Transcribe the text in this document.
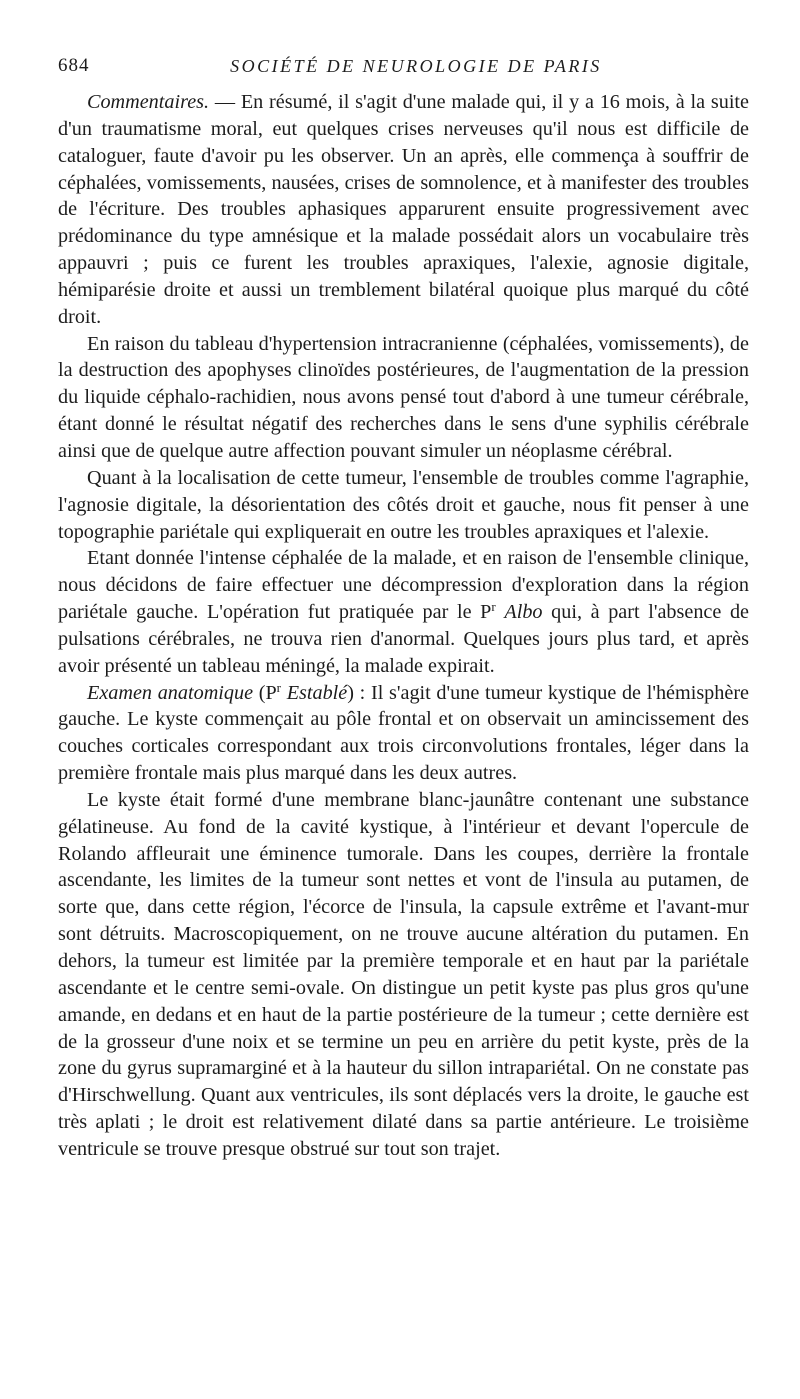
684	SOCIÉTÉ DE NEUROLOGIE DE PARIS

Commentaires. — En résumé, il s'agit d'une malade qui, il y a 16 mois, à la suite d'un traumatisme moral, eut quelques crises nerveuses qu'il nous est difficile de cataloguer, faute d'avoir pu les observer. Un an après, elle commença à souffrir de céphalées, vomissements, nausées, crises de somnolence, et à manifester des troubles de l'écriture. Des troubles aphasiques apparurent ensuite progressivement avec prédominance du type amnésique et la malade possédait alors un vocabulaire très appauvri ; puis ce furent les troubles apraxiques, l'alexie, agnosie digitale, hémiparésie droite et aussi un tremblement bilatéral quoique plus marqué du côté droit.

En raison du tableau d'hypertension intracranienne (céphalées, vomissements), de la destruction des apophyses clinoïdes postérieures, de l'augmentation de la pression du liquide céphalo-rachidien, nous avons pensé tout d'abord à une tumeur cérébrale, étant donné le résultat négatif des recherches dans le sens d'une syphilis cérébrale ainsi que de quelque autre affection pouvant simuler un néoplasme cérébral.

Quant à la localisation de cette tumeur, l'ensemble de troubles comme l'agraphie, l'agnosie digitale, la désorientation des côtés droit et gauche, nous fit penser à une topographie pariétale qui expliquerait en outre les troubles apraxiques et l'alexie.

Etant donnée l'intense céphalée de la malade, et en raison de l'ensemble clinique, nous décidons de faire effectuer une décompression d'exploration dans la région pariétale gauche. L'opération fut pratiquée par le $P^r$ Albo qui, à part l'absence de pulsations cérébrales, ne trouva rien d'anormal. Quelques jours plus tard, et après avoir présenté un tableau méningé, la malade expirait.

Examen anatomique ($P^r$ Establé) : Il s'agit d'une tumeur kystique de l'hémisphère gauche. Le kyste commençait au pôle frontal et on observait un amincissement des couches corticales correspondant aux trois circonvolutions frontales, léger dans la première frontale mais plus marqué dans les deux autres.

Le kyste était formé d'une membrane blanc-jaunâtre contenant une substance gélatineuse. Au fond de la cavité kystique, à l'intérieur et devant l'opercule de Rolando affleurait une éminence tumorale. Dans les coupes, derrière la frontale ascendante, les limites de la tumeur sont nettes et vont de l'insula au putamen, de sorte que, dans cette région, l'écorce de l'insula, la capsule extrême et l'avant-mur sont détruits. Macroscopiquement, on ne trouve aucune altération du putamen. En dehors, la tumeur est limitée par la première temporale et en haut par la pariétale ascendante et le centre semi-ovale. On distingue un petit kyste pas plus gros qu'une amande, en dedans et en haut de la partie postérieure de la tumeur ; cette dernière est de la grosseur d'une noix et se termine un peu en arrière du petit kyste, près de la zone du gyrus supramarginé et à la hauteur du sillon intrapariétal. On ne constate pas d'Hirschwellung. Quant aux ventricules, ils sont déplacés vers la droite, le gauche est très aplati ; le droit est relativement dilaté dans sa partie antérieure. Le troisième ventricule se trouve presque obstrué sur tout son trajet.
